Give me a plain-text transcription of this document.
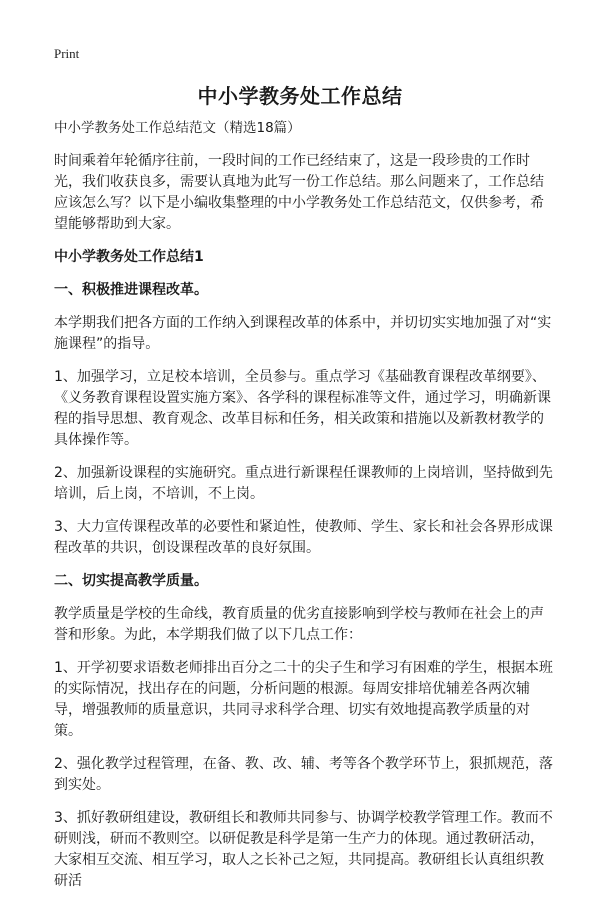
Print
中小学教务处工作总结

中小学教务处工作总结范文（精选18篇）

时间乘着年轮循序往前，一段时间的工作已经结束了，这是一段珍贵的工作时光，我们收获良多，需要认真地为此写一份工作总结。那么问题来了，工作总结应该怎么写？以下是小编收集整理的中小学教务处工作总结范文，仅供参考，希望能够帮助到大家。

中小学教务处工作总结1
一、积极推进课程改革。

本学期我们把各方面的工作纳入到课程改革的体系中，并切切实实地加强了对“实施课程”的指导。

1、加强学习，立足校本培训，全员参与。重点学习《基础教育课程改革纲要》、《义务教育课程设置实施方案》、各学科的课程标准等文件，通过学习，明确新课程的指导思想、教育观念、改革目标和任务，相关政策和措施以及新教材教学的具体操作等。

2、加强新设课程的实施研究。重点进行新课程任课教师的上岗培训，坚持做到先培训，后上岗，不培训，不上岗。

3、大力宣传课程改革的必要性和紧迫性，使教师、学生、家长和社会各界形成课程改革的共识，创设课程改革的良好氛围。

二、切实提高教学质量。

教学质量是学校的生命线，教育质量的优劣直接影响到学校与教师在社会上的声誉和形象。为此，本学期我们做了以下几点工作：

1、开学初要求语数老师排出百分之二十的尖子生和学习有困难的学生，根据本班的实际情况，找出存在的问题，分析问题的根源。每周安排培优辅差各两次辅导，增强教师的质量意识，共同寻求科学合理、切实有效地提高教学质量的对策。

2、强化教学过程管理，在备、教、改、辅、考等各个教学环节上，狠抓规范，落到实处。

3、抓好教研组建设，教研组长和教师共同参与、协调学校教学管理工作。教而不研则浅，研而不教则空。以研促教是科学是第一生产力的体现。通过教研活动，大家相互交流、相互学习，取人之长补己之短，共同提高。教研组长认真组织教研活
